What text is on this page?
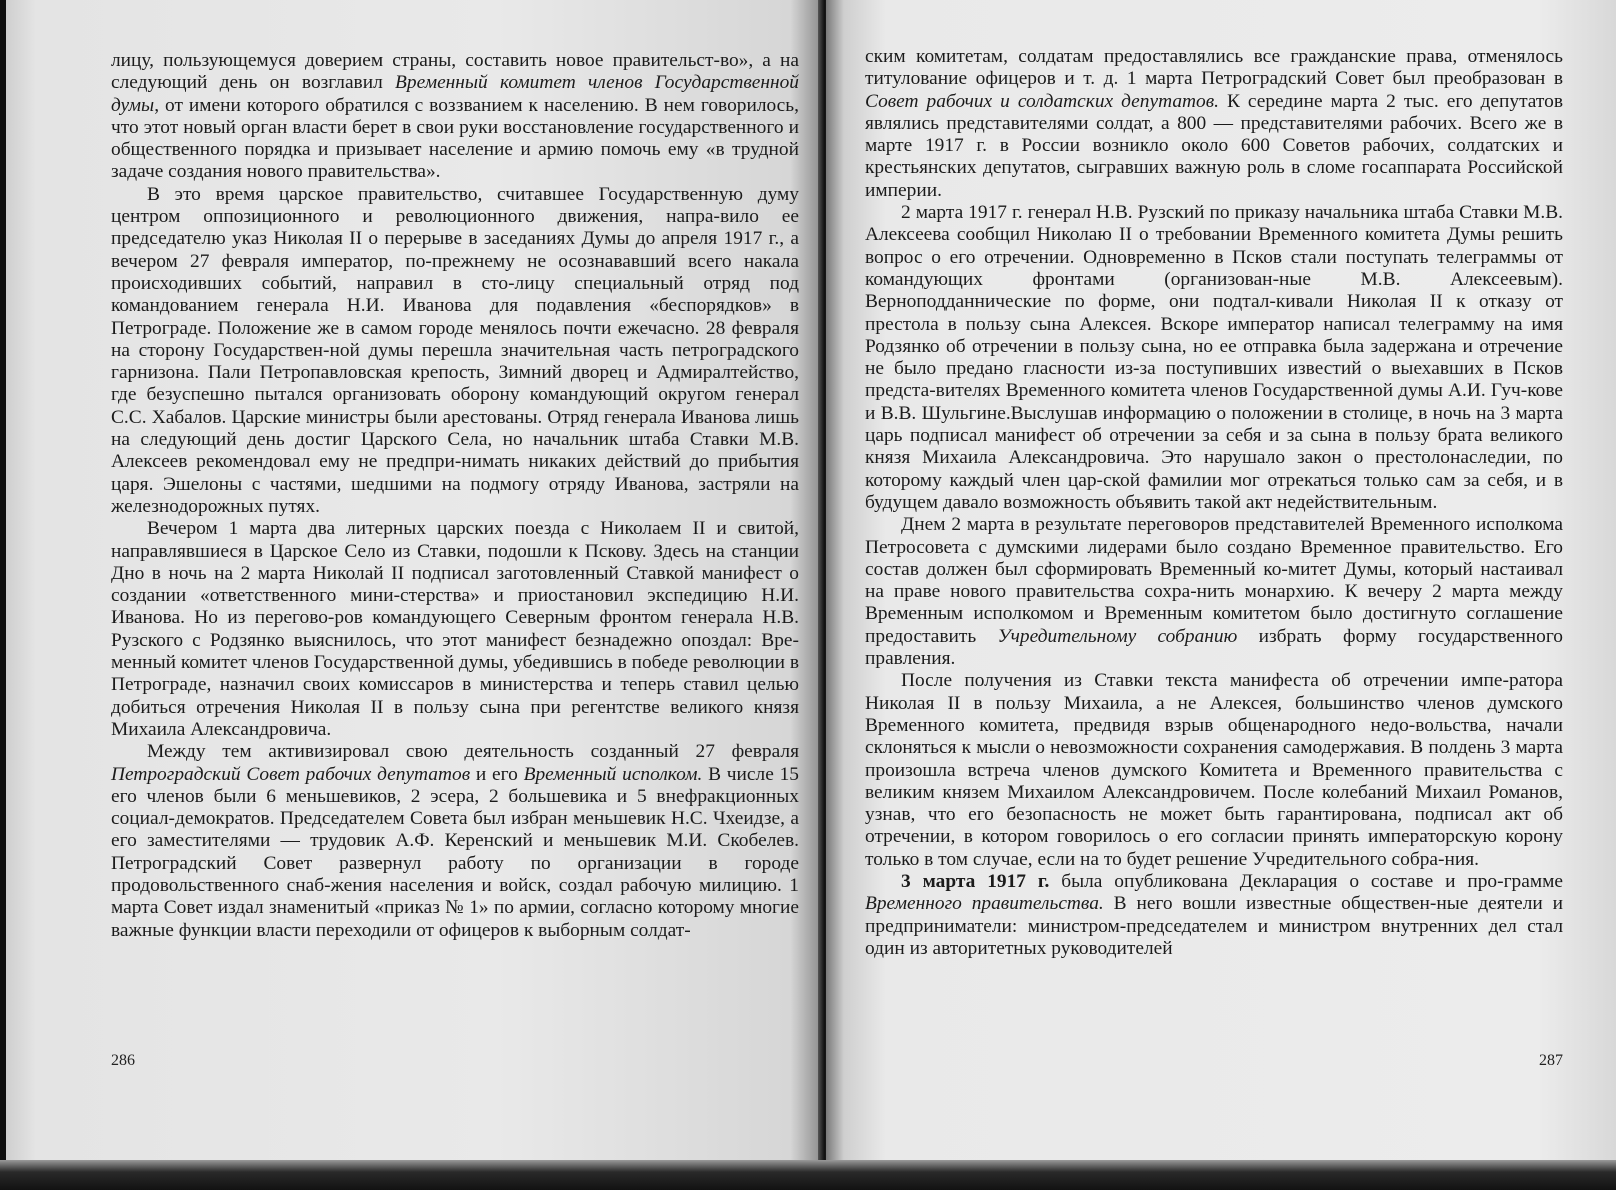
лицу, пользующемуся доверием страны, составить новое правительст-во», а на следующий день он возглавил Временный комитет членов Государственной думы, от имени которого обратился с воззванием к населению. В нем говорилось, что этот новый орган власти берет в свои руки восстановление государственного и общественного порядка и призывает население и армию помочь ему «в трудной задаче создания нового правительства».

В это время царское правительство, считавшее Государственную думу центром оппозиционного и революционного движения, напра-вило ее председателю указ Николая II о перерыве в заседаниях Думы до апреля 1917 г., а вечером 27 февраля император, по-прежнему не осознававший всего накала происходивших событий, направил в сто-лицу специальный отряд под командованием генерала Н.И. Иванова для подавления «беспорядков» в Петрограде. Положение же в самом городе менялось почти ежечасно. 28 февраля на сторону Государствен-ной думы перешла значительная часть петроградского гарнизона. Пали Петропавловская крепость, Зимний дворец и Адмиралтейство, где безуспешно пытался организовать оборону командующий округом генерал С.С. Хабалов. Царские министры были арестованы. Отряд генерала Иванова лишь на следующий день достиг Царского Села, но начальник штаба Ставки М.В. Алексеев рекомендовал ему не предпри-нимать никаких действий до прибытия царя. Эшелоны с частями, шедшими на подмогу отряду Иванова, застряли на железнодорожных путях.

Вечером 1 марта два литерных царских поезда с Николаем II и свитой, направлявшиеся в Царское Село из Ставки, подошли к Пскову. Здесь на станции Дно в ночь на 2 марта Николай II подписал заготовленный Ставкой манифест о создании «ответственного мини-стерства» и приостановил экспедицию Н.И. Иванова. Но из перегово-ров командующего Северным фронтом генерала Н.В. Рузского с Родзянко выяснилось, что этот манифест безнадежно опоздал: Вре-менный комитет членов Государственной думы, убедившись в победе революции в Петрограде, назначил своих комиссаров в министерства и теперь ставил целью добиться отречения Николая II в пользу сына при регентстве великого князя Михаила Александровича.

Между тем активизировал свою деятельность созданный 27 февраля Петроградский Совет рабочих депутатов и его Временный исполком. В числе 15 его членов были 6 меньшевиков, 2 эсера, 2 большевика и 5 внефракционных социал-демократов. Председателем Совета был избран меньшевик Н.С. Чхеидзе, а его заместителями — трудовик А.Ф. Керенский и меньшевик М.И. Скобелев. Петроградский Совет развернул работу по организации в городе продовольственного снаб-жения населения и войск, создал рабочую милицию. 1 марта Совет издал знаменитый «приказ № 1» по армии, согласно которому многие важные функции власти переходили от офицеров к выборным солдат-

286

ским комитетам, солдатам предоставлялись все гражданские права, отменялось титулование офицеров и т. д. 1 марта Петроградский Совет был преобразован в Совет рабочих и солдатских депутатов. К середине марта 2 тыс. его депутатов являлись представителями солдат, а 800 — представителями рабочих. Всего же в марте 1917 г. в России возникло около 600 Советов рабочих, солдатских и крестьянских депутатов, сыгравших важную роль в сломе госаппарата Российской империи.

2 марта 1917 г. генерал Н.В. Рузский по приказу начальника штаба Ставки М.В. Алексеева сообщил Николаю II о требовании Временного комитета Думы решить вопрос о его отречении. Одновременно в Псков стали поступать телеграммы от командующих фронтами (организован-ные М.В. Алексеевым). Верноподданнические по форме, они подтал-кивали Николая II к отказу от престола в пользу сына Алексея. Вскоре император написал телеграмму на имя Родзянко об отречении в пользу сына, но ее отправка была задержана и отречение не было предано гласности из-за поступивших известий о выехавших в Псков предста-вителях Временного комитета членов Государственной думы А.И. Гуч-кове и В.В. Шульгине.Выслушав информацию о положении в столице, в ночь на 3 марта царь подписал манифест об отречении за себя и за сына в пользу брата великого князя Михаила Александровича. Это нарушало закон о престолонаследии, по которому каждый член цар-ской фамилии мог отрекаться только сам за себя, и в будущем давало возможность объявить такой акт недействительным.

Днем 2 марта в результате переговоров представителей Временного исполкома Петросовета с думскими лидерами было создано Временное правительство. Его состав должен был сформировать Временный ко-митет Думы, который настаивал на праве нового правительства сохра-нить монархию. К вечеру 2 марта между Временным исполкомом и Временным комитетом было достигнуто соглашение предоставить Учредительному собранию избрать форму государственного правления.

После получения из Ставки текста манифеста об отречении импе-ратора Николая II в пользу Михаила, а не Алексея, большинство членов думского Временного комитета, предвидя взрыв общенародного недо-вольства, начали склоняться к мысли о невозможности сохранения самодержавия. В полдень 3 марта произошла встреча членов думского Комитета и Временного правительства с великим князем Михаилом Александровичем. После колебаний Михаил Романов, узнав, что его безопасность не может быть гарантирована, подписал акт об отречении, в котором говорилось о его согласии принять императорскую корону только в том случае, если на то будет решение Учредительного собра-ния.

3 марта 1917 г. была опубликована Декларация о составе и про-грамме Временного правительства. В него вошли известные обществен-ные деятели и предприниматели: министром-председателем и министром внутренних дел стал один из авторитетных руководителей

287
